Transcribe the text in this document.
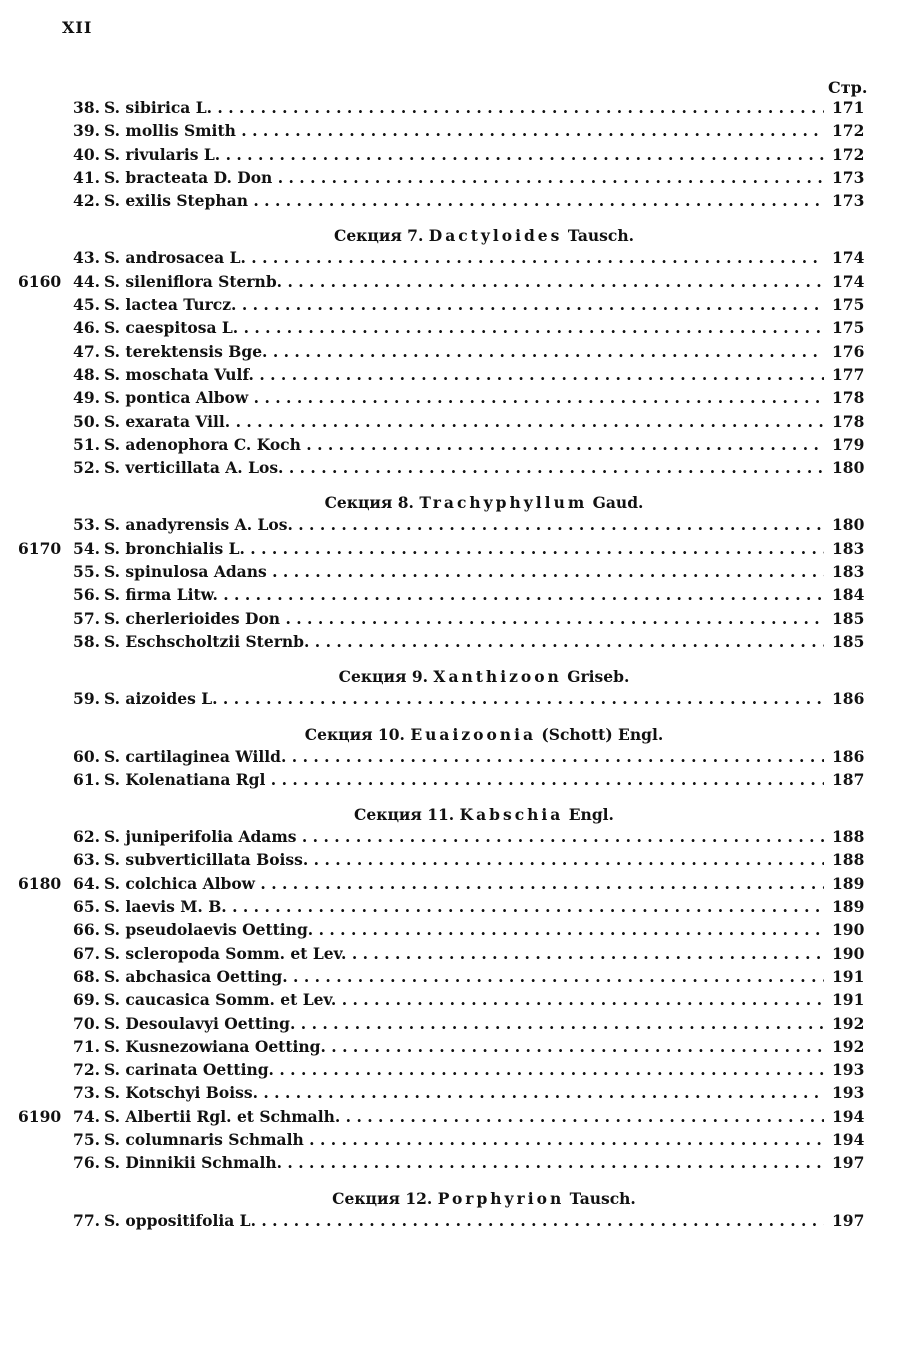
XII
Стр.
38. S. sibirica L. . . .	171
39. S. mollis Smith . . .	172
40. S. rivularis L. . . .	172
41. S. bracteata D. Don . . .	173
42. S. exilis Stephan . . .	173
Секция 7. Dactyloides Tausch.
43. S. androsacea L. . . .	174
6160 44. S. sileniflora Sternb. . . .	174
45. S. lactea Turcz. . . .	175
46. S. caespitosa L. . . .	175
47. S. terektensis Bge. . . .	176
48. S. moschata Vulf. . . .	177
49. S. pontica Albow . . .	178
50. S. exarata Vill. . . .	178
51. S. adenophora C. Koch . . .	179
52. S. verticillata A. Los. . . .	180
Секция 8. Trachyphyllum Gaud.
53. S. anadyrensis A. Los. . . .	180
6170 54. S. bronchialis L. . . .	183
55. S. spinulosa Adans . . .	183
56. S. firma Litw. . . .	184
57. S. cherlerioides Don . . .	185
58. S. Eschscholtzii Sternb. . . .	185
Секция 9. Xanthizoon Griseb.
59. S. aizoides L. . . .	186
Секция 10. Euaizoonia (Schott) Engl.
60. S. cartilaginea Willd. . . .	186
61. S. Kolenatiana Rgl . . .	187
Секция 11. Kabschia Engl.
62. S. juniperifolia Adams . . .	188
63. S. subverticillata Boiss. . . .	188
6180 64. S. colchica Albow . . .	189
65. S. laevis M. B. . . .	189
66. S. pseudolaevis Oetting. . . .	190
67. S. scleropoda Somm. et Lev. . . .	190
68. S. abchasica Oetting. . . .	191
69. S. caucasica Somm. et Lev. . . .	191
70. S. Desoulavyi Oetting. . . .	192
71. S. Kusnezowiana Oetting. . . .	192
72. S. carinata Oetting. . . .	193
73. S. Kotschyi Boiss. . . .	193
6190 74. S. Albertii Rgl. et Schmalh. . . .	194
75. S. columnaris Schmalh . . .	194
76. S. Dinnikii Schmalh. . . .	197
Секция 12. Porphyrion Tausch.
77. S. oppositifolia L. . . .	197
